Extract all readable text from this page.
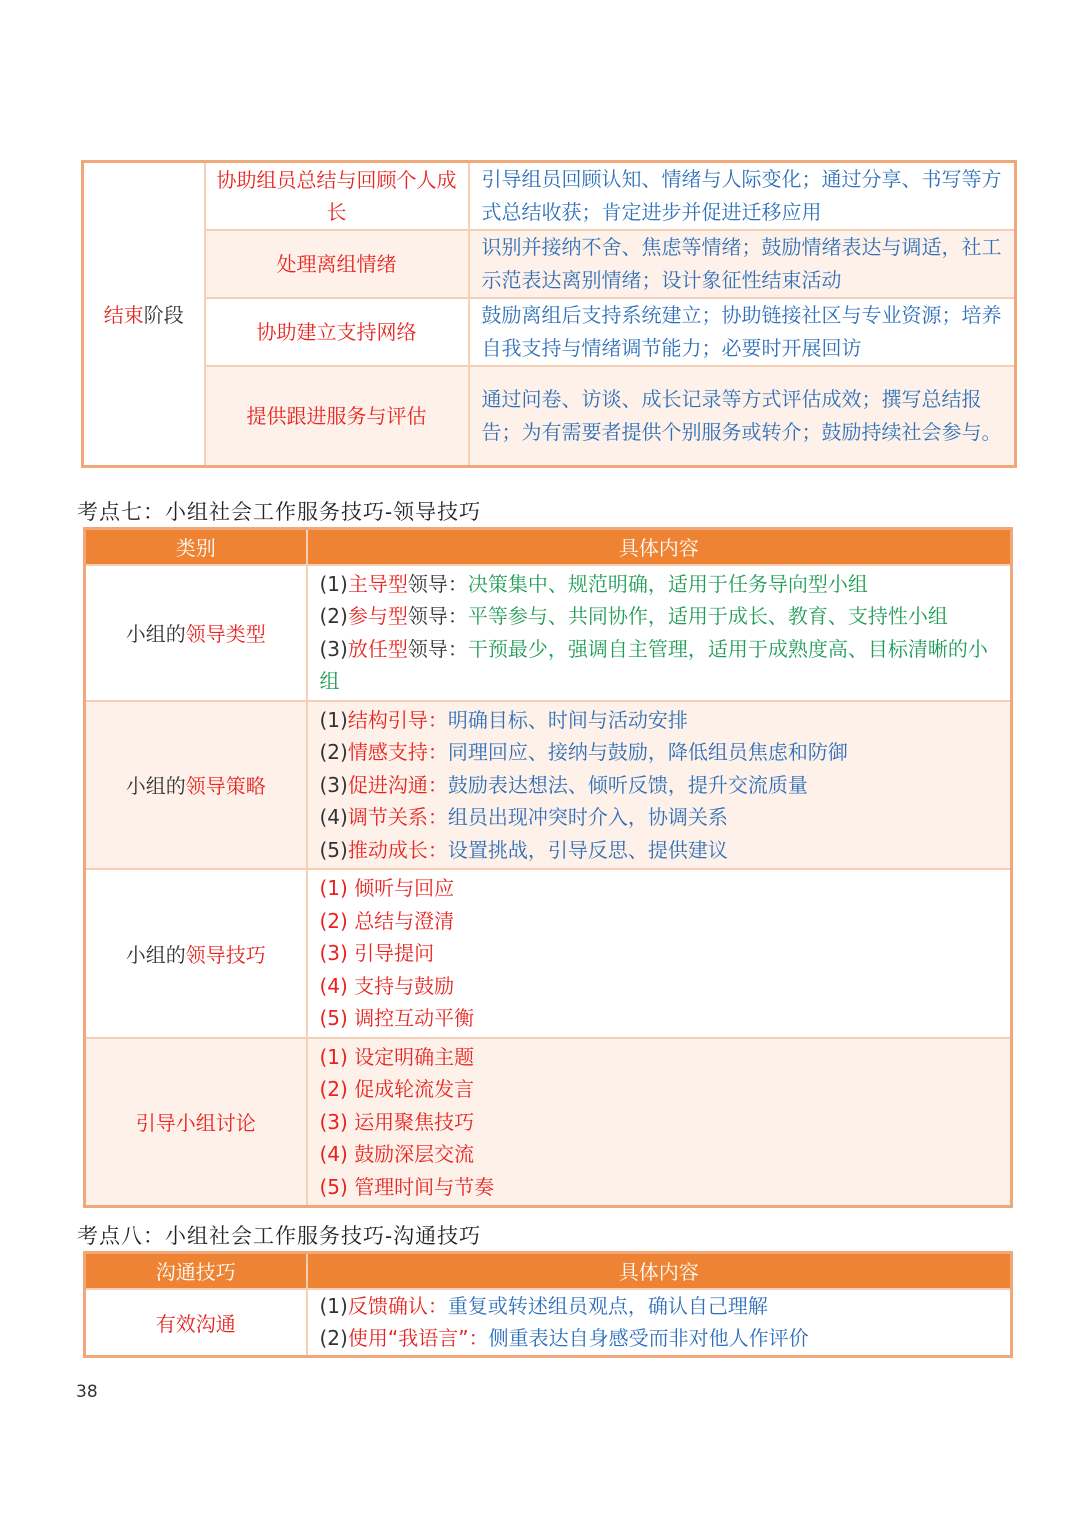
结束阶段	协助组员总结与回顾个人成长	引导组员回顾认知、情绪与人际变化；通过分享、书写等方式总结收获；肯定进步并促进迁移应用
	处理离组情绪	识别并接纳不舍、焦虑等情绪；鼓励情绪表达与调适，社工示范表达离别情绪；设计象征性结束活动
	协助建立支持网络	鼓励离组后支持系统建立；协助链接社区与专业资源；培养自我支持与情绪调节能力；必要时开展回访
	提供跟进服务与评估	通过问卷、访谈、成长记录等方式评估成效；撰写总结报告；为有需要者提供个别服务或转介；鼓励持续社会参与。
考点七：小组社会工作服务技巧-领导技巧
类别	具体内容
小组的领导类型	(1)主导型领导：决策集中、规范明确，适用于任务导向型小组
(2)参与型领导：平等参与、共同协作，适用于成长、教育、支持性小组
(3)放任型领导：干预最少，强调自主管理，适用于成熟度高、目标清晰的小组

小组的领导策略	(1)结构引导：明确目标、时间与活动安排
(2)情感支持：同理回应、接纳与鼓励，降低组员焦虑和防御
(3)促进沟通：鼓励表达想法、倾听反馈，提升交流质量
(4)调节关系：组员出现冲突时介入，协调关系
(5)推动成长：设置挑战，引导反思、提供建议

小组的领导技巧	(1) 倾听与回应
(2) 总结与澄清
(3) 引导提问
(4) 支持与鼓励
(5) 调控互动平衡

引导小组讨论	(1) 设定明确主题
(2) 促成轮流发言
(3) 运用聚焦技巧
(4) 鼓励深层交流
(5) 管理时间与节奏
考点八：小组社会工作服务技巧-沟通技巧
沟通技巧	具体内容
有效沟通	(1)反馈确认：重复或转述组员观点，确认自己理解
(2)使用“我语言”：侧重表达自身感受而非对他人作评价
38
